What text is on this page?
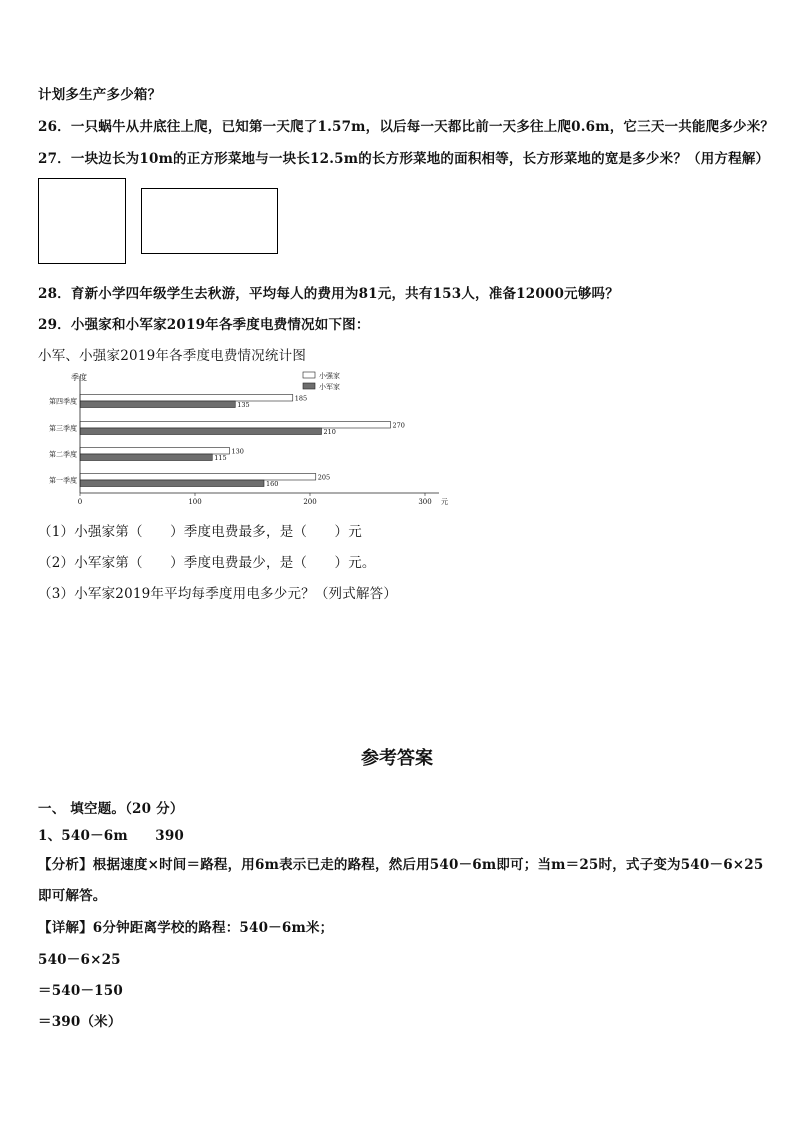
计划多生产多少箱？
26．一只蜗牛从井底往上爬，已知第一天爬了1.57m，以后每一天都比前一天多往上爬0.6m，它三天一共能爬多少米？
27．一块边长为10m的正方形菜地与一块长12.5m的长方形菜地的面积相等，长方形菜地的宽是多少米？（用方程解）
28．育新小学四年级学生去秋游，平均每人的费用为81元，共有153人，准备12000元够吗？
29．小强家和小军家2019年各季度电费情况如下图：
小军、小强家2019年各季度电费情况统计图
季度	小强家
小军家
205
160
130
115
270
210
185
135
0	100	200	300 元
第一季度
第二季度
第三季度
第四季度
（1）小强家第（　　）季度电费最多，是（　　）元
（2）小军家第（　　）季度电费最少，是（　　）元。
（3）小军家2019年平均每季度用电多少元？（列式解答）
参考答案
一、 填空题。（20 分）
1、540－6m　　390
【分析】根据速度×时间＝路程，用6m表示已走的路程，然后用540－6m即可；当m＝25时，式子变为540－6×25
即可解答。
【详解】6分钟距离学校的路程：540－6m米；
540－6×25
＝540－150
＝390（米）
